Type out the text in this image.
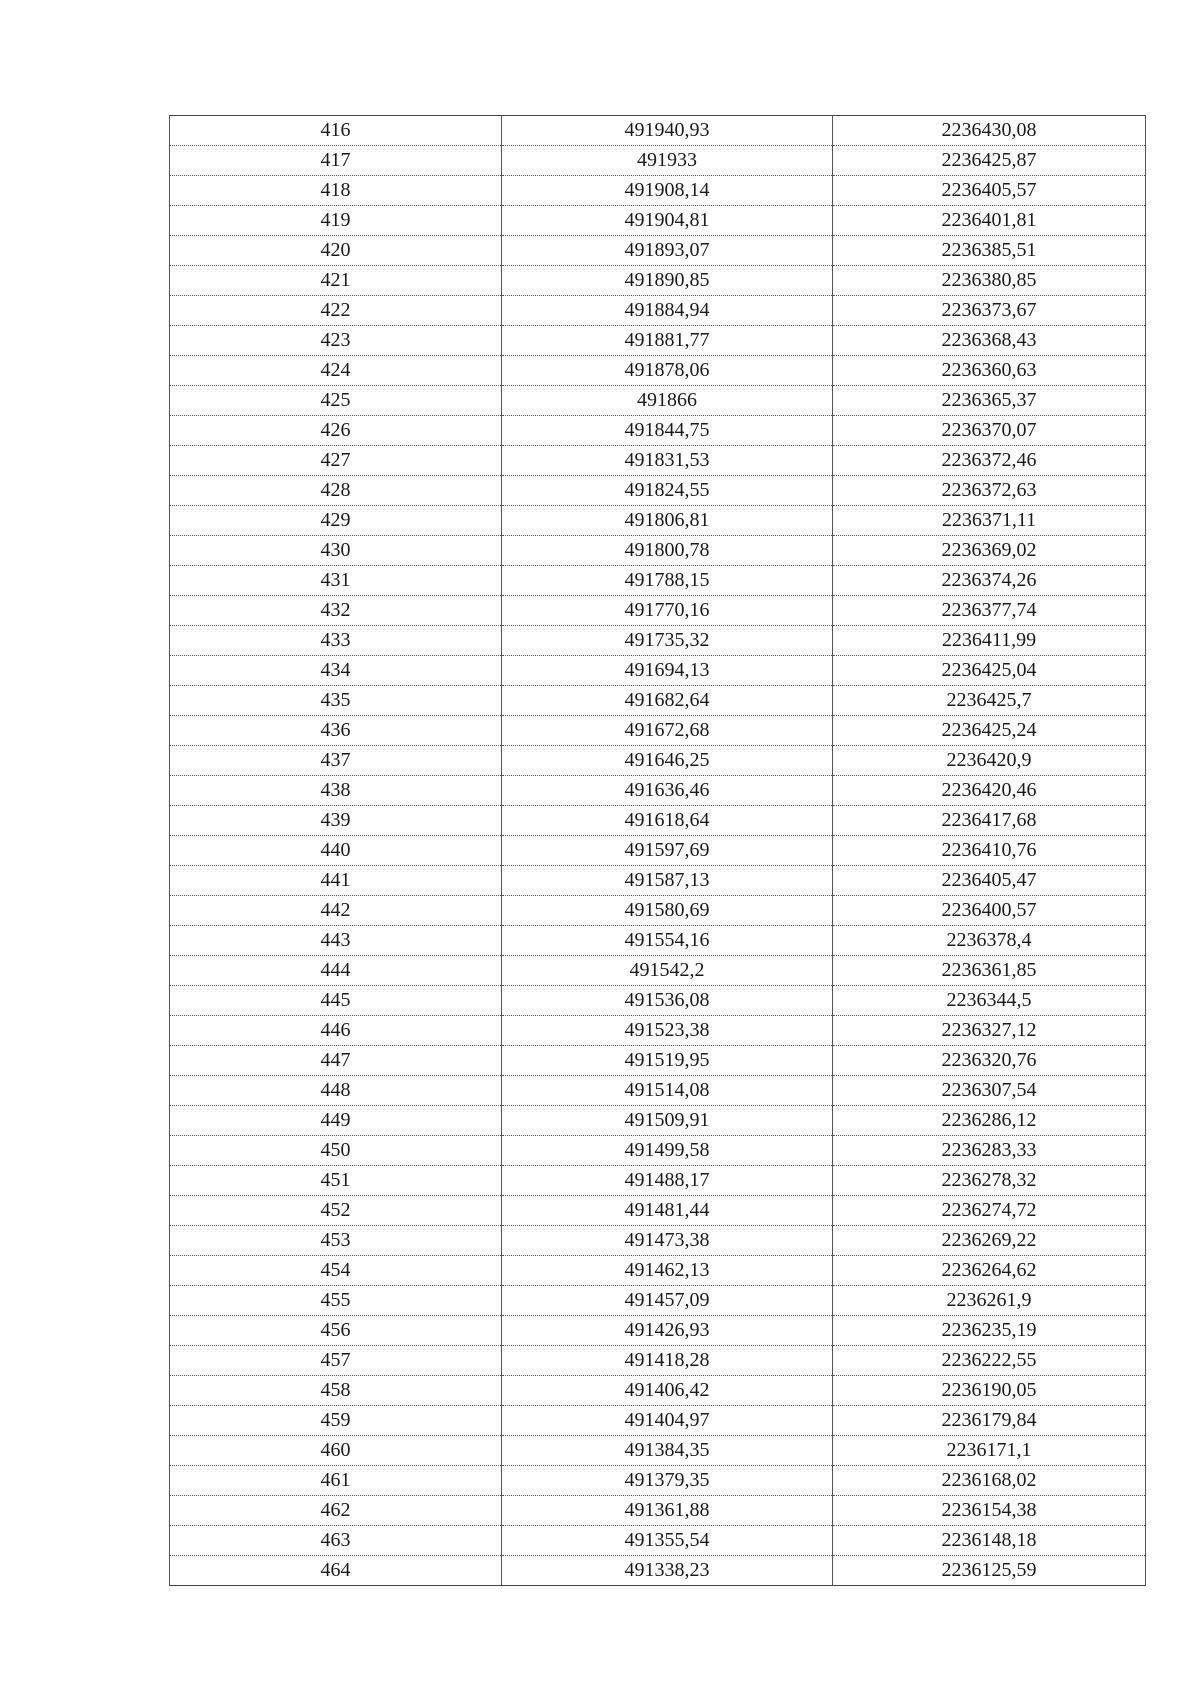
416	491940,93	2236430,08
417	491933	2236425,87
418	491908,14	2236405,57
419	491904,81	2236401,81
420	491893,07	2236385,51
421	491890,85	2236380,85
422	491884,94	2236373,67
423	491881,77	2236368,43
424	491878,06	2236360,63
425	491866	2236365,37
426	491844,75	2236370,07
427	491831,53	2236372,46
428	491824,55	2236372,63
429	491806,81	2236371,11
430	491800,78	2236369,02
431	491788,15	2236374,26
432	491770,16	2236377,74
433	491735,32	2236411,99
434	491694,13	2236425,04
435	491682,64	2236425,7
436	491672,68	2236425,24
437	491646,25	2236420,9
438	491636,46	2236420,46
439	491618,64	2236417,68
440	491597,69	2236410,76
441	491587,13	2236405,47
442	491580,69	2236400,57
443	491554,16	2236378,4
444	491542,2	2236361,85
445	491536,08	2236344,5
446	491523,38	2236327,12
447	491519,95	2236320,76
448	491514,08	2236307,54
449	491509,91	2236286,12
450	491499,58	2236283,33
451	491488,17	2236278,32
452	491481,44	2236274,72
453	491473,38	2236269,22
454	491462,13	2236264,62
455	491457,09	2236261,9
456	491426,93	2236235,19
457	491418,28	2236222,55
458	491406,42	2236190,05
459	491404,97	2236179,84
460	491384,35	2236171,1
461	491379,35	2236168,02
462	491361,88	2236154,38
463	491355,54	2236148,18
464	491338,23	2236125,59
